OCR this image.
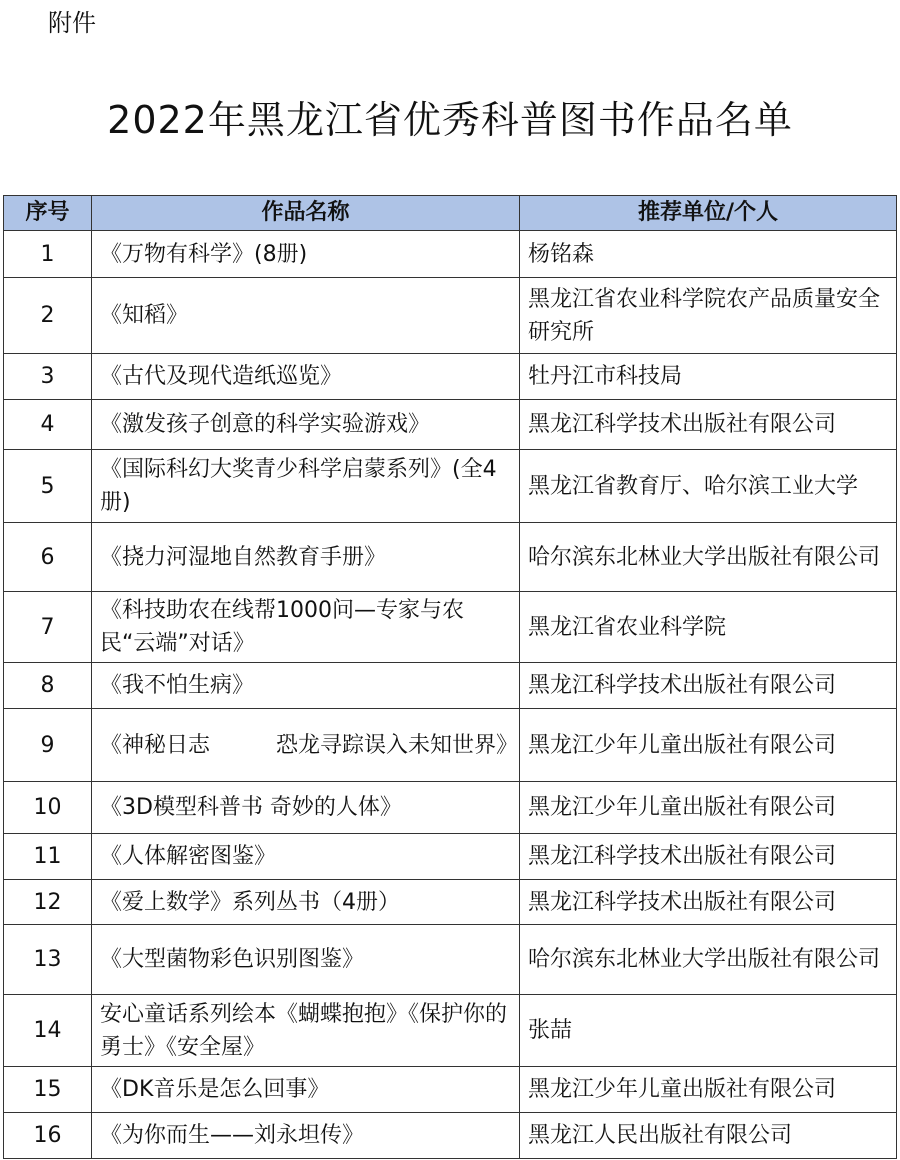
附件
2022年黑龙江省优秀科普图书作品名单
序号	作品名称	推荐单位/个人
1	《万物有科学》(8册)	杨铭森
2	《知稻》	黑龙江省农业科学院农产品质量安全研究所
3	《古代及现代造纸巡览》	牡丹江市科技局
4	《激发孩子创意的科学实验游戏》	黑龙江科学技术出版社有限公司
5	《国际科幻大奖青少科学启蒙系列》(全4册)	黑龙江省教育厅、哈尔滨工业大学
6	《挠力河湿地自然教育手册》	哈尔滨东北林业大学出版社有限公司
7	《科技助农在线帮1000问—专家与农民“云端”对话》	黑龙江省农业科学院
8	《我不怕生病》	黑龙江科学技术出版社有限公司
9	《神秘日志　　　恐龙寻踪误入未知世界》	黑龙江少年儿童出版社有限公司
10	《3D模型科普书 奇妙的人体》	黑龙江少年儿童出版社有限公司
11	《人体解密图鉴》	黑龙江科学技术出版社有限公司
12	《爱上数学》系列丛书（4册）	黑龙江科学技术出版社有限公司
13	《大型菌物彩色识别图鉴》	哈尔滨东北林业大学出版社有限公司
14	安心童话系列绘本《蝴蝶抱抱》《保护你的勇士》《安全屋》	张喆
15	《DK音乐是怎么回事》	黑龙江少年儿童出版社有限公司
16	《为你而生——刘永坦传》	黑龙江人民出版社有限公司
